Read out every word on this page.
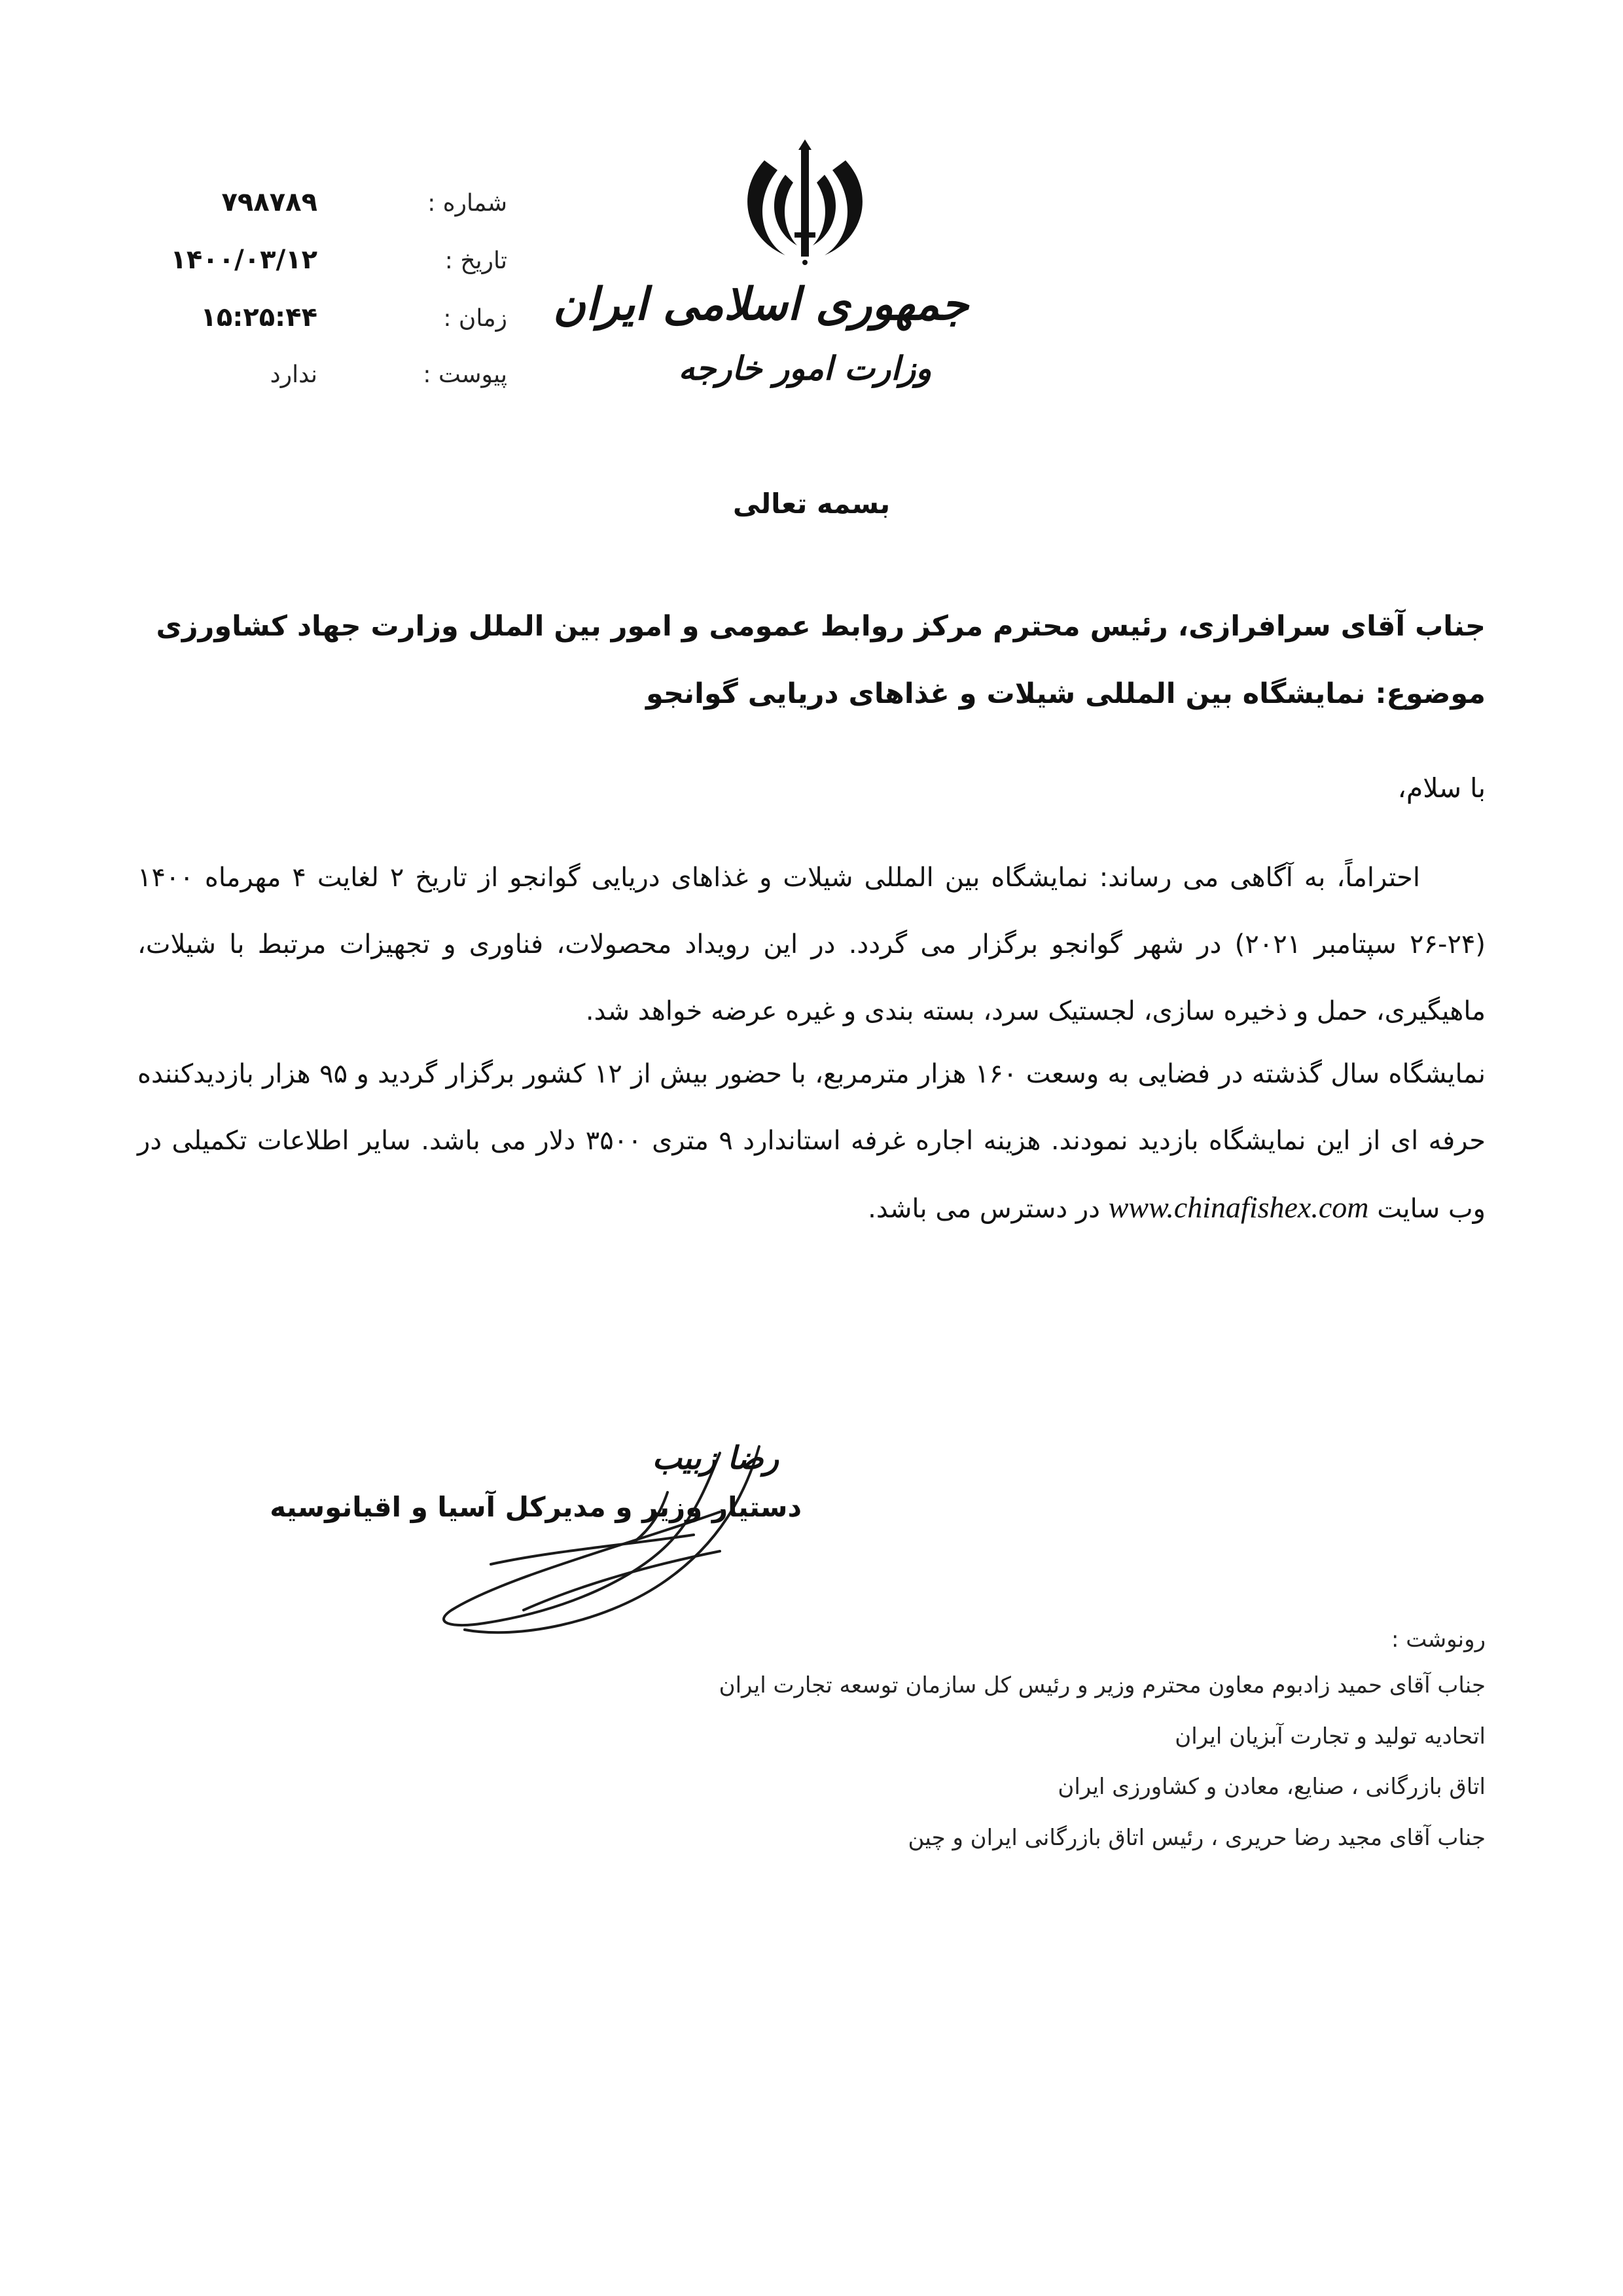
جمهوری اسلامی ایران
وزارت امور خارجه
شماره :
۷۹۸۷۸۹
تاریخ :
۱۴۰۰/۰۳/۱۲
زمان :
۱۵:۲۵:۴۴
پیوست :
ندارد
بسمه تعالی
جناب آقای سرافرازی، رئیس محترم مرکز روابط عمومی و امور بین الملل وزارت جهاد کشاورزی
موضوع: نمایشگاه بین المللی شیلات و غذاهای دریایی گوانجو
با سلام،
احتراماً، به آگاهی می رساند: نمایشگاه بین المللی شیلات و غذاهای دریایی گوانجو از تاریخ ۲ لغایت ۴ مهرماه ۱۴۰۰ (۲۴-۲۶ سپتامبر ۲۰۲۱) در شهر گوانجو برگزار می گردد. در این رویداد محصولات، فناوری و تجهیزات مرتبط با شیلات، ماهیگیری، حمل و ذخیره سازی، لجستیک سرد، بسته بندی و غیره عرضه خواهد شد.
نمایشگاه سال گذشته در فضایی به وسعت ۱۶۰ هزار مترمربع، با حضور بیش از ۱۲ کشور برگزار گردید و ۹۵ هزار بازدیدکننده حرفه ای از این نمایشگاه بازدید نمودند. هزینه اجاره غرفه استاندارد ۹ متری ۳۵۰۰ دلار می باشد. سایر اطلاعات تکمیلی در وب سایت www.chinafishex.com در دسترس می باشد.
رضا زبیب
دستیار وزیر و مدیرکل آسیا و اقیانوسیه
رونوشت :
جناب آقای حمید زادبوم معاون محترم وزیر و رئیس کل سازمان توسعه تجارت ایران
اتحادیه تولید و تجارت آبزیان ایران
اتاق بازرگانی ، صنایع، معادن و کشاورزی ایران
جناب آقای مجید رضا حریری ، رئیس اتاق بازرگانی ایران و چین
